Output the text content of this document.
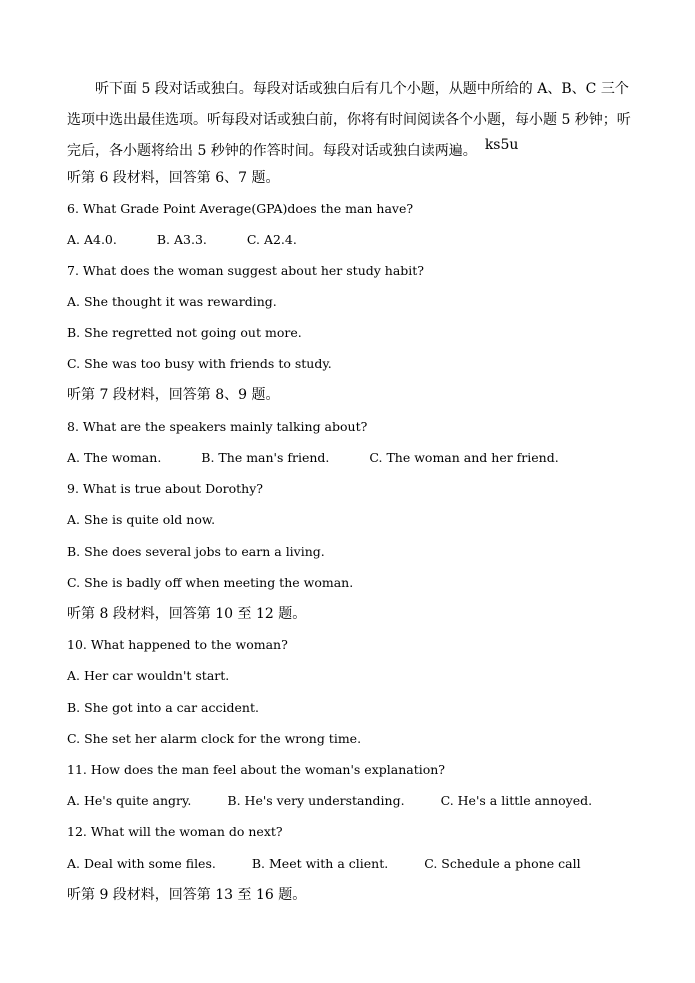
听下面 5 段对话或独白。每段对话或独白后有几个小题，从题中所给的 A、B、C 三个
选项中选出最佳选项。听每段对话或独白前，你将有时间阅读各个小题，每小题 5 秒钟；听
完后，各小题将给出 5 秒钟的作答时间。每段对话或独白读两遍。 ks5u
听第 6 段材料，回答第 6、7 题。
6. What Grade Point Average(GPA)does the man have?
A. A4.0.	B. A3.3.	C. A2.4.
7. What does the woman suggest about her study habit?
A. She thought it was rewarding.
B. She regretted not going out more.
C. She was too busy with friends to study.
听第 7 段材料，回答第 8、9 题。
8. What are the speakers mainly talking about?
A. The woman.	B. The man's friend.	C. The woman and her friend.
9. What is true about Dorothy?
A. She is quite old now.
B. She does several jobs to earn a living.
C. She is badly off when meeting the woman.
听第 8 段材料，回答第 10 至 12 题。
10. What happened to the woman?
A. Her car wouldn't start.
B. She got into a car accident.
C. She set her alarm clock for the wrong time.
11. How does the man feel about the woman's explanation?
A. He's quite angry.	B. He's very understanding.	C. He's a little annoyed.
12. What will the woman do next?
A. Deal with some files.	B. Meet with a client.	C. Schedule a phone call
听第 9 段材料，回答第 13 至 16 题。
